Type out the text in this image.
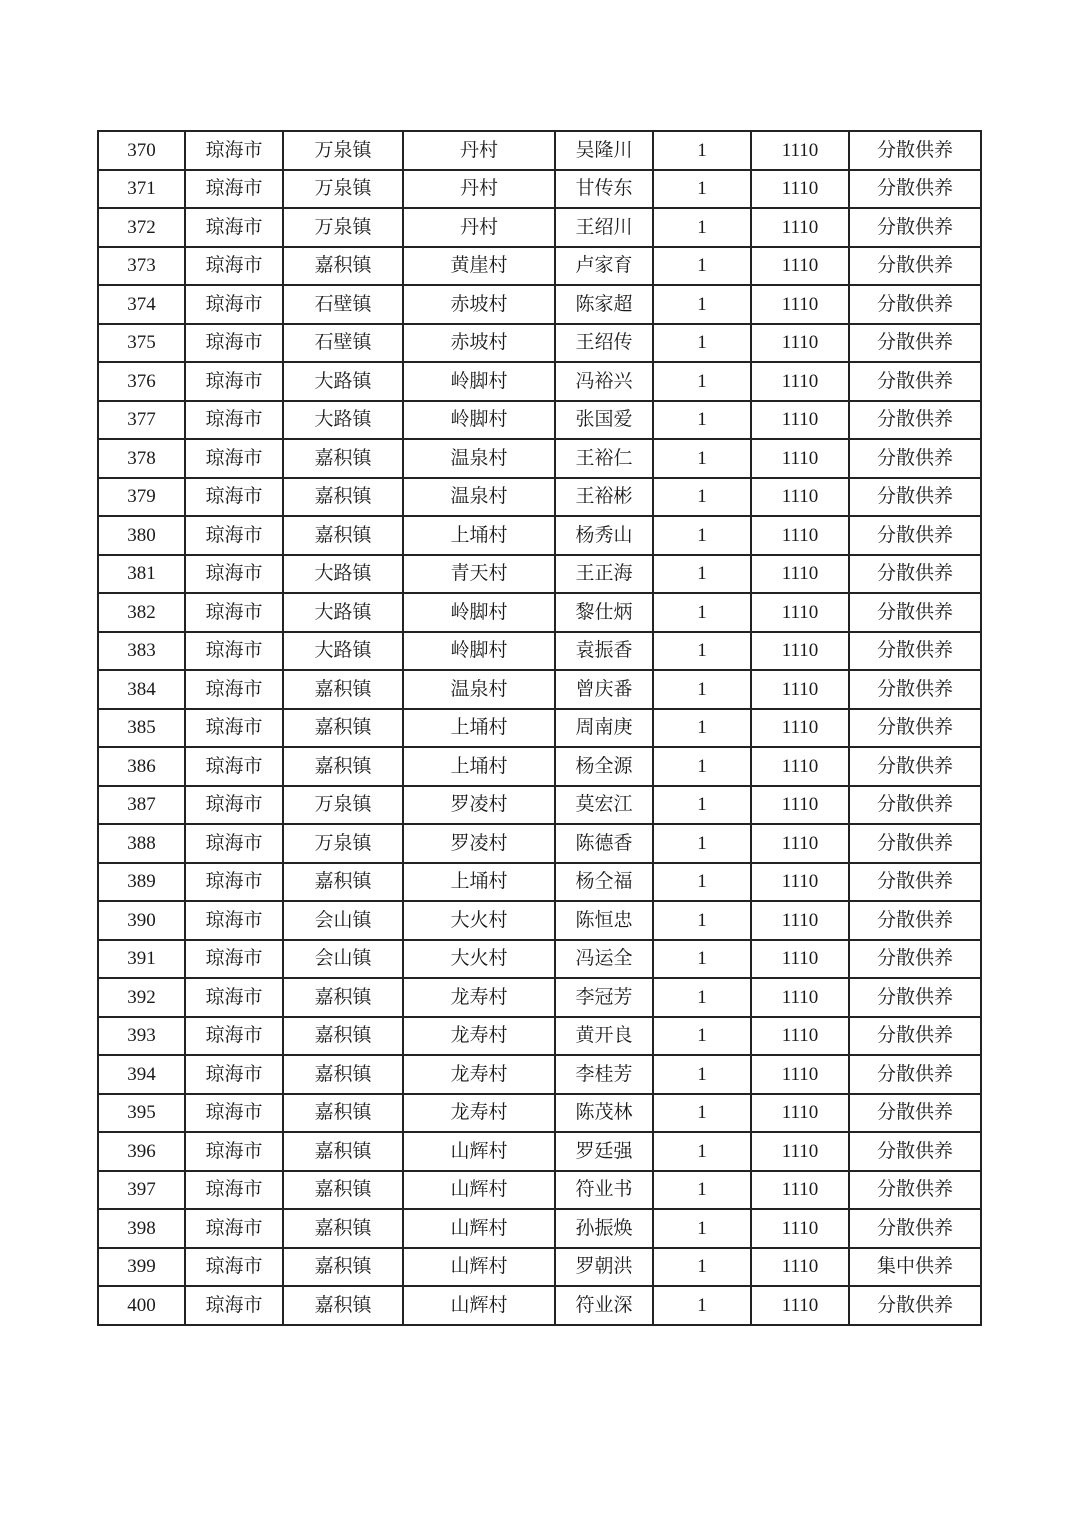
370	琼海市	万泉镇	丹村	吴隆川	1	1110	分散供养
371	琼海市	万泉镇	丹村	甘传东	1	1110	分散供养
372	琼海市	万泉镇	丹村	王绍川	1	1110	分散供养
373	琼海市	嘉积镇	黄崖村	卢家育	1	1110	分散供养
374	琼海市	石壁镇	赤坡村	陈家超	1	1110	分散供养
375	琼海市	石壁镇	赤坡村	王绍传	1	1110	分散供养
376	琼海市	大路镇	岭脚村	冯裕兴	1	1110	分散供养
377	琼海市	大路镇	岭脚村	张国爱	1	1110	分散供养
378	琼海市	嘉积镇	温泉村	王裕仁	1	1110	分散供养
379	琼海市	嘉积镇	温泉村	王裕彬	1	1110	分散供养
380	琼海市	嘉积镇	上埇村	杨秀山	1	1110	分散供养
381	琼海市	大路镇	青天村	王正海	1	1110	分散供养
382	琼海市	大路镇	岭脚村	黎仕炳	1	1110	分散供养
383	琼海市	大路镇	岭脚村	袁振香	1	1110	分散供养
384	琼海市	嘉积镇	温泉村	曾庆番	1	1110	分散供养
385	琼海市	嘉积镇	上埇村	周南庚	1	1110	分散供养
386	琼海市	嘉积镇	上埇村	杨全源	1	1110	分散供养
387	琼海市	万泉镇	罗凌村	莫宏江	1	1110	分散供养
388	琼海市	万泉镇	罗凌村	陈德香	1	1110	分散供养
389	琼海市	嘉积镇	上埇村	杨仝福	1	1110	分散供养
390	琼海市	会山镇	大火村	陈恒忠	1	1110	分散供养
391	琼海市	会山镇	大火村	冯运全	1	1110	分散供养
392	琼海市	嘉积镇	龙寿村	李冠芳	1	1110	分散供养
393	琼海市	嘉积镇	龙寿村	黄开良	1	1110	分散供养
394	琼海市	嘉积镇	龙寿村	李桂芳	1	1110	分散供养
395	琼海市	嘉积镇	龙寿村	陈茂林	1	1110	分散供养
396	琼海市	嘉积镇	山辉村	罗廷强	1	1110	分散供养
397	琼海市	嘉积镇	山辉村	符业书	1	1110	分散供养
398	琼海市	嘉积镇	山辉村	孙振焕	1	1110	分散供养
399	琼海市	嘉积镇	山辉村	罗朝洪	1	1110	集中供养
400	琼海市	嘉积镇	山辉村	符业深	1	1110	分散供养
